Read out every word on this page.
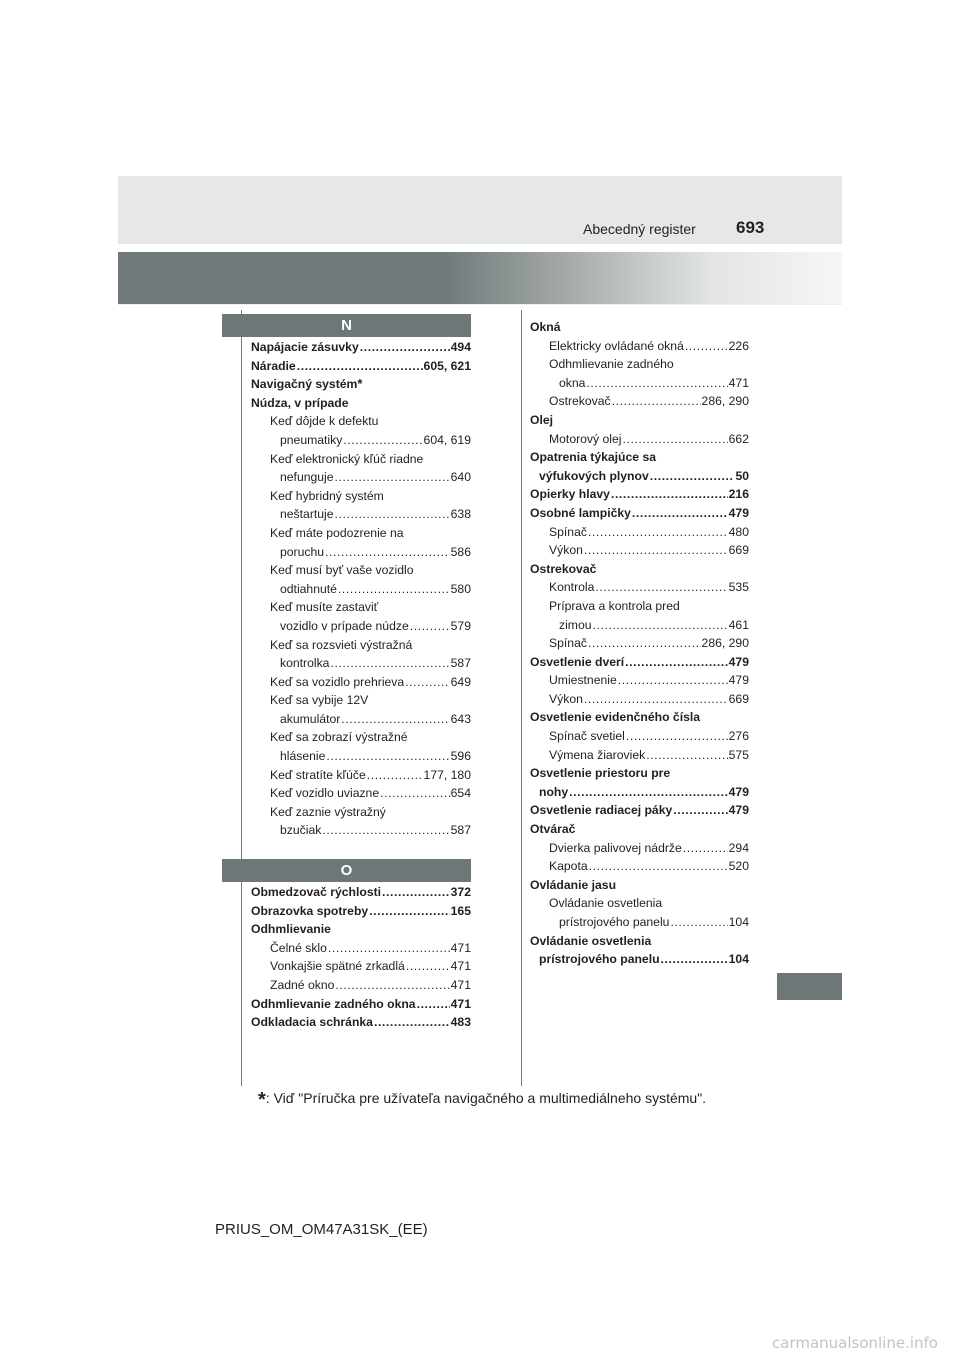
Abecedný register 693
N
O
Napájacie zásuvky .....	494
Náradie .....	605, 621
Navigačný systém *
Núdza, v prípade
Keď dôjde k defektu
pneumatiky .....	604, 619
Keď elektronický kľúč riadne
nefunguje .....	640
Keď hybridný systém
neštartuje .....	638
Keď máte podozrenie na
poruchu .....	586
Keď musí byť vaše vozidlo
odtiahnuté .....	580
Keď musíte zastaviť
vozidlo v prípade núdze .....	579
Keď sa rozsvieti výstražná
kontrolka .....	587
Keď sa vozidlo prehrieva .....	649
Keď sa vybije 12V
akumulátor .....	643
Keď sa zobrazí výstražné
hlásenie .....	596
Keď stratíte kľúče .....	177, 180
Keď vozidlo uviazne .....	654
Keď zaznie výstražný
bzučiak .....	587
Obmedzovač rýchlosti .....	372
Obrazovka spotreby .....	165
Odhmlievanie
Čelné sklo .....	471
Vonkajšie spätné zrkadlá .....	471
Zadné okno .....	471
Odhmlievanie zadného okna .....	471
Odkladacia schránka .....	483
Okná
Elektricky ovládané okná .....	226
Odhmlievanie zadného
okna .....	471
Ostrekovač .....	286, 290
Olej
Motorový olej .....	662
Opatrenia týkajúce sa
výfukových plynov .....	50
Opierky hlavy .....	216
Osobné lampičky .....	479
Spínač .....	480
Výkon .....	669
Ostrekovač
Kontrola .....	535
Príprava a kontrola pred
zimou .....	461
Spínač .....	286, 290
Osvetlenie dverí .....	479
Umiestnenie .....	479
Výkon .....	669
Osvetlenie evidenčného čísla
Spínač svetiel .....	276
Výmena žiaroviek .....	575
Osvetlenie priestoru pre
nohy .....	479
Osvetlenie radiacej páky .....	479
Otvárač
Dvierka palivovej nádrže .....	294
Kapota .....	520
Ovládanie jasu
Ovládanie osvetlenia
prístrojového panelu .....	104
Ovládanie osvetlenia
prístrojového panelu .....	104
*: Viď "Príručka pre užívateľa navigačného a multimediálneho systému".
PRIUS_OM_OM47A31SK_(EE)
carmanualsonline.info
